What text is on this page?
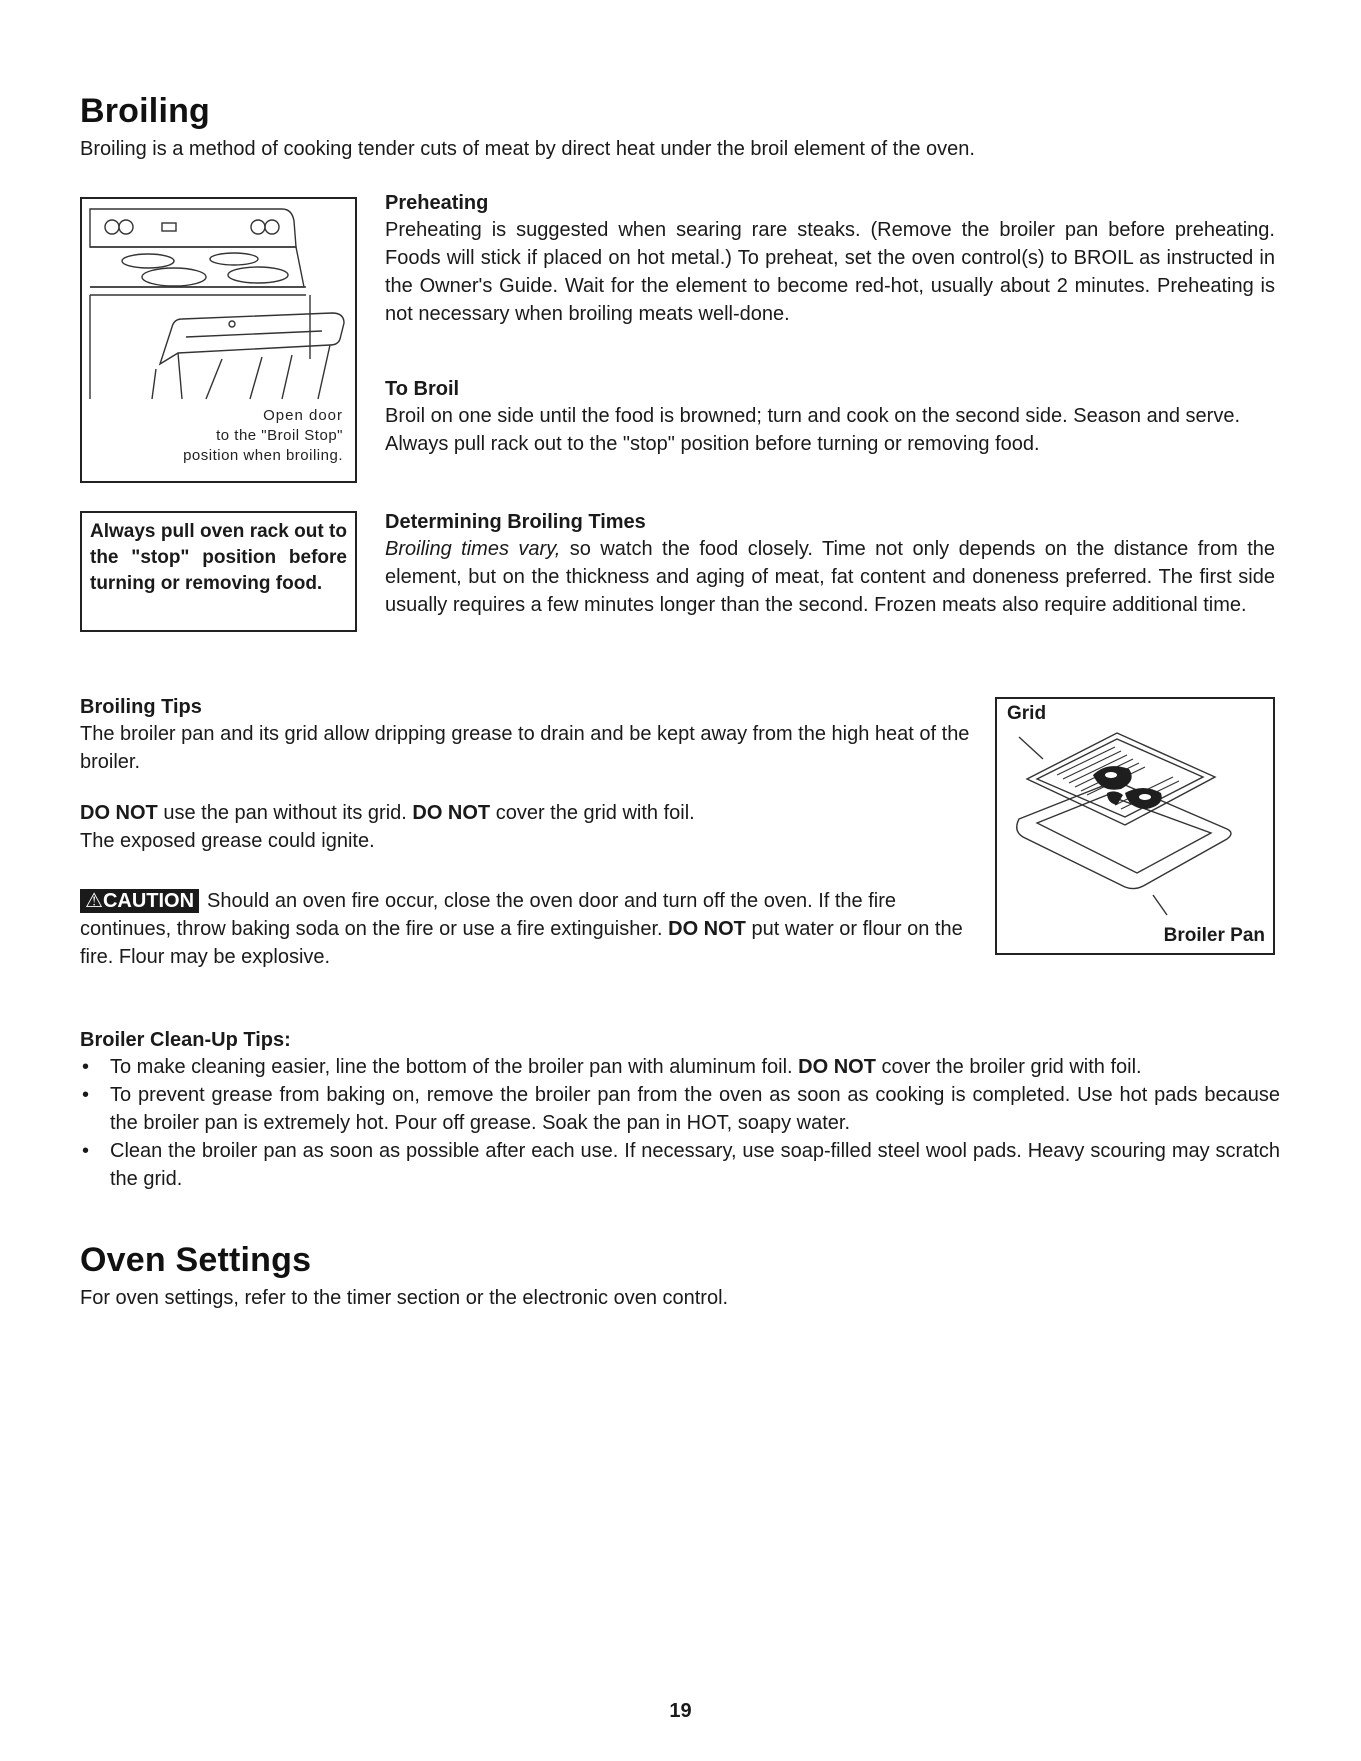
Broiling
Broiling is a method of cooking tender cuts of meat by direct heat under the broil element of the oven.
Open door
to the "Broil Stop"
position when broiling.
Always pull oven rack out to the "stop" position before turning or removing food.
Preheating
Preheating is suggested when searing rare steaks. (Remove the broiler pan before preheating. Foods will stick if placed on hot metal.) To preheat, set the oven control(s) to BROIL as instructed in the Owner's Guide. Wait for the element to become red-hot, usually about 2 minutes. Preheating is not necessary when broiling meats well-done.
To Broil
Broil on one side until the food is browned; turn and cook on the second side. Season and serve.
Always pull rack out to the "stop" position before turning or removing food.
Determining Broiling Times
Broiling times vary, so watch the food closely. Time not only depends on the distance from the element, but on the thickness and aging of meat, fat content and doneness preferred. The first side usually requires a few minutes longer than the second. Frozen meats also require additional time.
Broiling Tips
The broiler pan and its grid allow dripping grease to drain and be kept away from the high heat of the broiler.
DO NOT use the pan without its grid. DO NOT cover the grid with foil.
The exposed grease could ignite.
⚠CAUTION Should an oven fire occur, close the oven door and turn off the oven. If the fire continues, throw baking soda on the fire or use a fire extinguisher. DO NOT put water or flour on the fire. Flour may be explosive.
Grid
Broiler Pan
Broiler Clean-Up Tips:
• To make cleaning easier, line the bottom of the broiler pan with aluminum foil. DO NOT cover the broiler grid with foil.
• To prevent grease from baking on, remove the broiler pan from the oven as soon as cooking is completed. Use hot pads because the broiler pan is extremely hot. Pour off grease. Soak the pan in HOT, soapy water.
• Clean the broiler pan as soon as possible after each use. If necessary, use soap-filled steel wool pads. Heavy scouring may scratch the grid.
Oven Settings
For oven settings, refer to the timer section or the electronic oven control.
19
